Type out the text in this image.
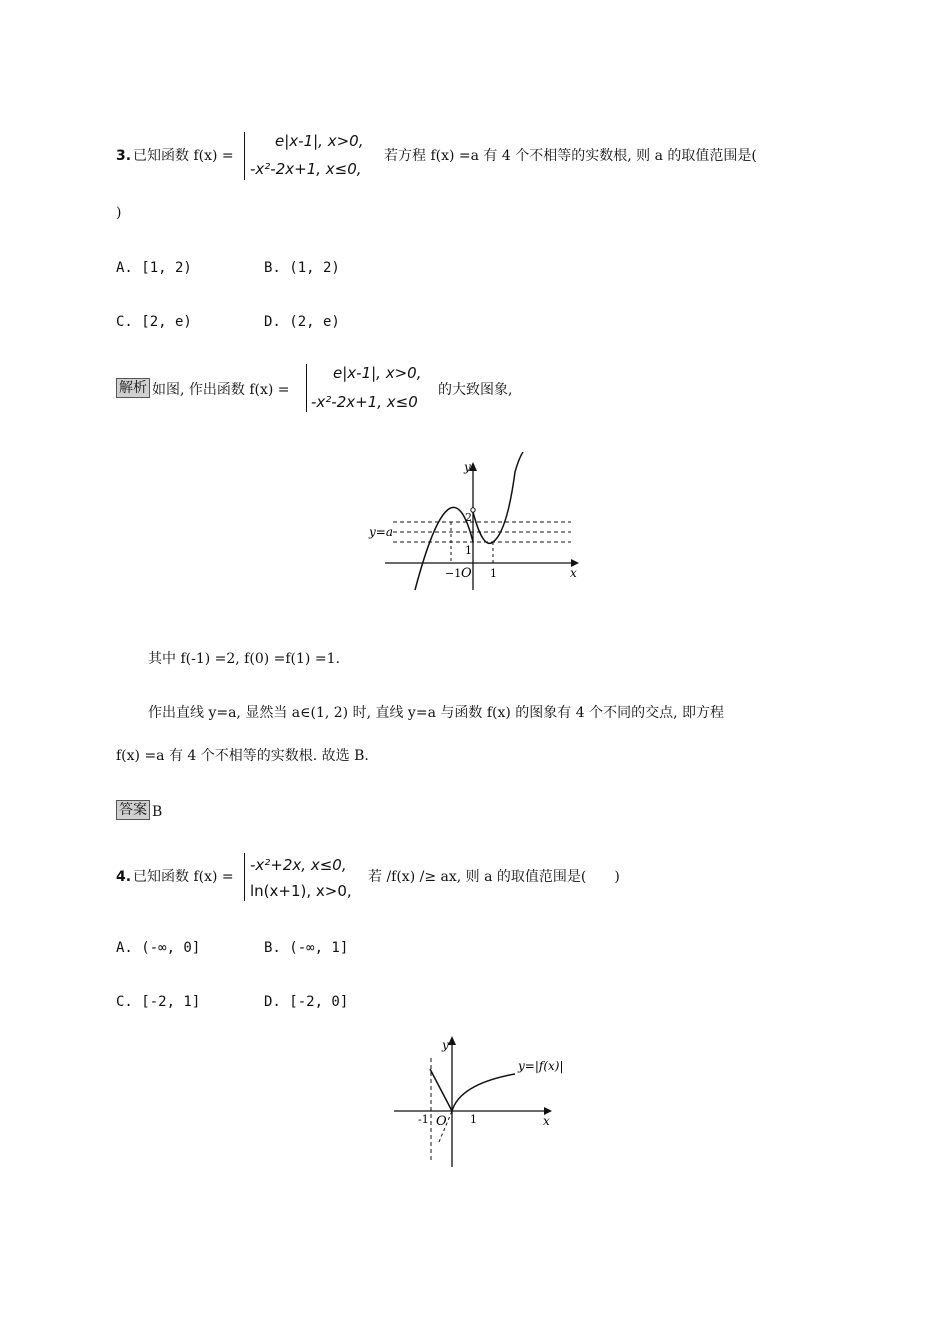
3. 已知函数 f(x) =
e|x-1|, x>0,
-x²-2x+1, x≤0,
若方程 f(x) =a 有 4 个不相等的实数根, 则 a 的取值范围是(
)
A. [1, 2)	B. (1, 2)
C. [2, e)	D. (2, e)
解析 如图, 作出函数 f(x) =
e|x-1|, x>0,
-x²-2x+1, x≤0
的大致图象,
y
x
y=a
2
1
−1 O 1
其中 f(-1) =2, f(0) =f(1) =1.
作出直线 y=a, 显然当 a∈(1, 2) 时, 直线 y=a 与函数 f(x) 的图象有 4 个不同的交点, 即方程
f(x) =a 有 4 个不相等的实数根. 故选 B.
答案 B
4. 已知函数 f(x) =
-x²+2x, x≤0,
ln(x+1), x>0,
若 /f(x) /≥ ax, 则 a 的取值范围是(　　)
A. (-∞, 0]	B. (-∞, 1]
C. [-2, 1]	D. [-2, 0]
y
x
y=|f(x)|
-1 O 1
